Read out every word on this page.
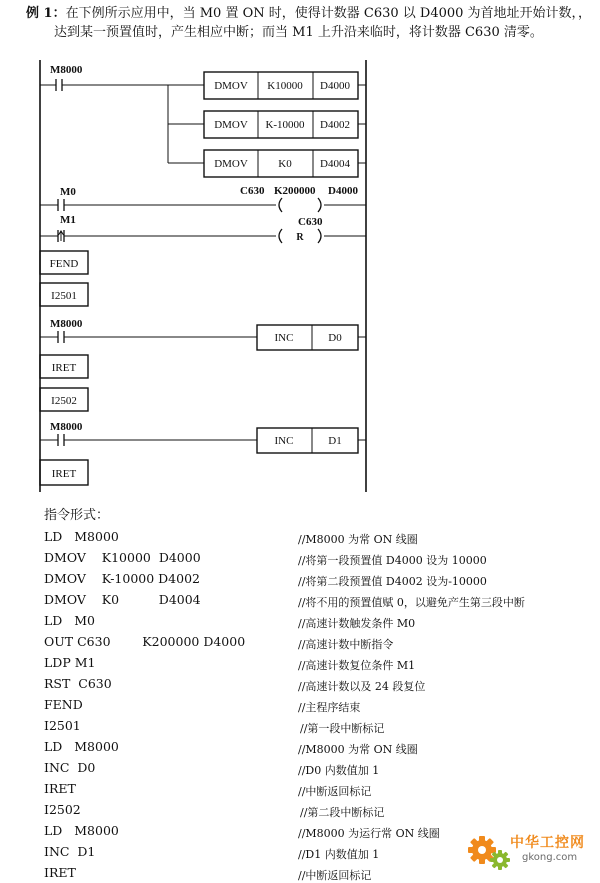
例 1：在下例所示应用中，当 M0 置 ON 时，使得计数器 C630 以 D4000 为首地址开始计数，，
达到某一预置值时，产生相应中断；而当 M1 上升沿来临时，将计数器 C630 清零。
M8000
DMOV K10000 D4000
DMOV K-10000 D4002
DMOV	K0	D4004
M0	C630 K200000 D4000
M1	C630
R
FEND
I2501
M8000
INC	D0
IRET
I2502
M8000
INC	D1
IRET
指令形式：
LD   M8000	//M8000 为常 ON 线圈
DMOV    K10000  D4000	//将第一段预置值 D4000 设为 10000
DMOV    K-10000 D4002	//将第二段预置值 D4002 设为-10000
DMOV    K0          D4004	//将不用的预置值赋 0，以避免产生第三段中断
LD   M0	//高速计数触发条件 M0
OUT C630        K200000 D4000	//高速计数中断指令
LDP M1	//高速计数复位条件 M1
RST  C630	//高速计数以及 24 段复位
FEND	//主程序结束
I2501	//第一段中断标记
LD   M8000	//M8000 为常 ON 线圈
INC  D0	//D0 内数值加 1
IRET	//中断返回标记
I2502	//第二段中断标记
LD   M8000	//M8000 为运行常 ON 线圈
INC  D1	//D1 内数值加 1
IRET	//中断返回标记
中华工控网
gkong.com
